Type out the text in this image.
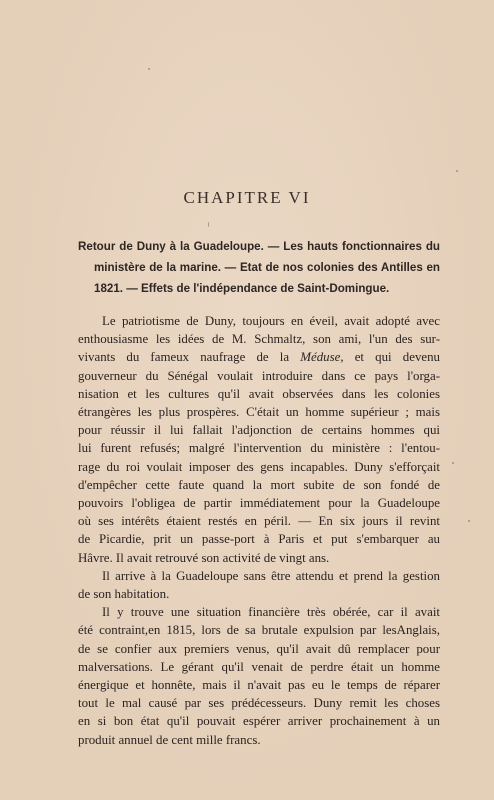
CHAPITRE VI
Retour de Duny à la Guadeloupe. — Les hauts fonctionnaires du
ministère de la marine. — Etat de nos colonies des Antilles en
1821. — Effets de l'indépendance de Saint-Domingue.
Le patriotisme de Duny, toujours en éveil, avait adopté avec
enthousiasme les idées de M. Schmaltz, son ami, l'un des sur-
vivants du fameux naufrage de la Méduse, et qui devenu
gouverneur du Sénégal voulait introduire dans ce pays l'orga-
nisation et les cultures qu'il avait observées dans les colonies
étrangères les plus prospères. C'était un homme supérieur ; mais
pour réussir il lui fallait l'adjonction de certains hommes qui
lui furent refusés; malgré l'intervention du ministère : l'entou-
rage du roi voulait imposer des gens incapables. Duny s'efforçait
d'empêcher cette faute quand la mort subite de son fondé de
pouvoirs l'obligea de partir immédiatement pour la Guadeloupe
où ses intérêts étaient restés en péril. — En six jours il revint
de Picardie, prit un passe-port à Paris et put s'embarquer au
Hâvre. Il avait retrouvé son activité de vingt ans.
Il arrive à la Guadeloupe sans être attendu et prend la gestion
de son habitation.
Il y trouve une situation financière très obérée, car il avait
été contraint,en 1815, lors de sa brutale expulsion par lesAnglais,
de se confier aux premiers venus, qu'il avait dû remplacer pour
malversations. Le gérant qu'il venait de perdre était un homme
énergique et honnête, mais il n'avait pas eu le temps de réparer
tout le mal causé par ses prédécesseurs. Duny remit les choses
en si bon état qu'il pouvait espérer arriver prochainement à un
produit annuel de cent mille francs.
